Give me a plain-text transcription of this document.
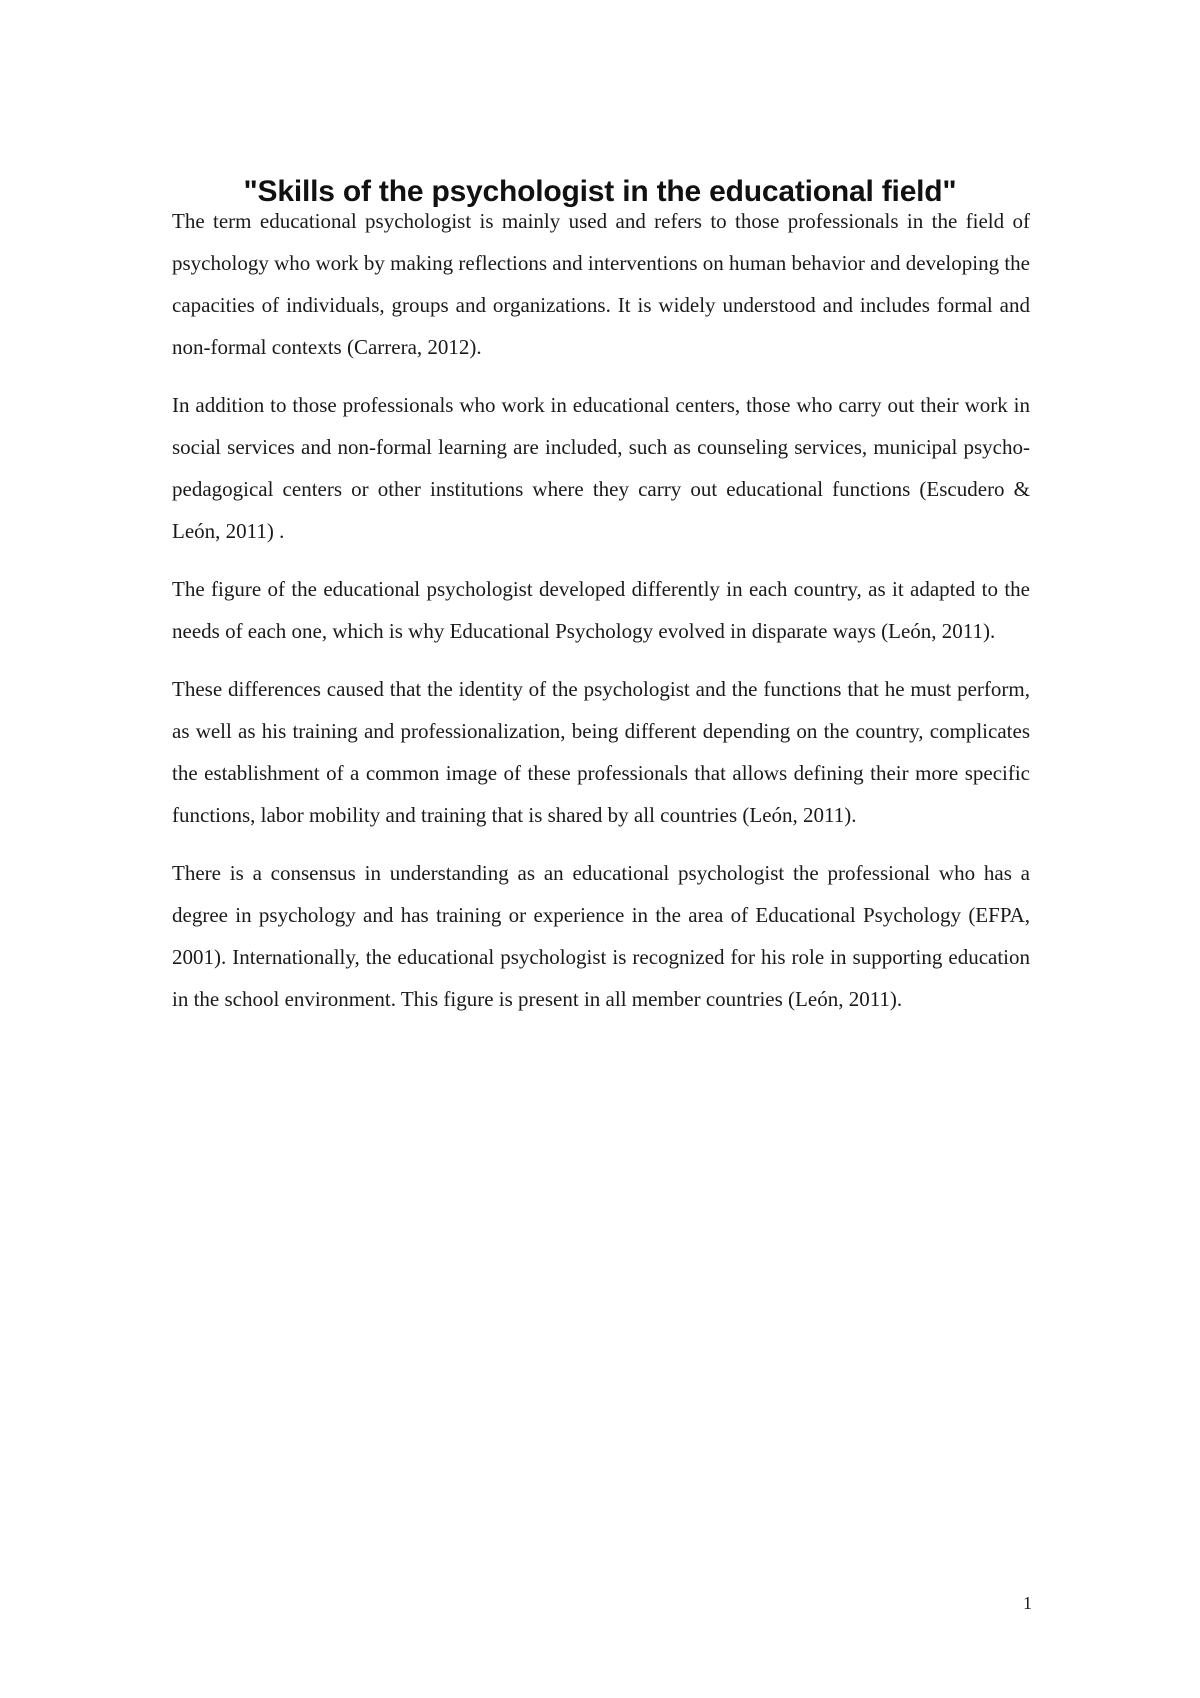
"Skills of the psychologist in the educational field"

The term educational psychologist is mainly used and refers to those professionals in the field of psychology who work by making reflections and interventions on human behavior and developing the capacities of individuals, groups and organizations. It is widely understood and includes formal and non-formal contexts (Carrera, 2012).

In addition to those professionals who work in educational centers, those who carry out their work in social services and non-formal learning are included, such as counseling services, municipal psycho-pedagogical centers or other institutions where they carry out educational functions (Escudero & León, 2011) .

The figure of the educational psychologist developed differently in each country, as it adapted to the needs of each one, which is why Educational Psychology evolved in disparate ways (León, 2011).

These differences caused that the identity of the psychologist and the functions that he must perform, as well as his training and professionalization, being different depending on the country, complicates the establishment of a common image of these professionals that allows defining their more specific functions, labor mobility and training that is shared by all countries (León, 2011).

There is a consensus in understanding as an educational psychologist the professional who has a degree in psychology and has training or experience in the area of Educational Psychology (EFPA, 2001). Internationally, the educational psychologist is recognized for his role in supporting education in the school environment. This figure is present in all member countries (León, 2011).

1
